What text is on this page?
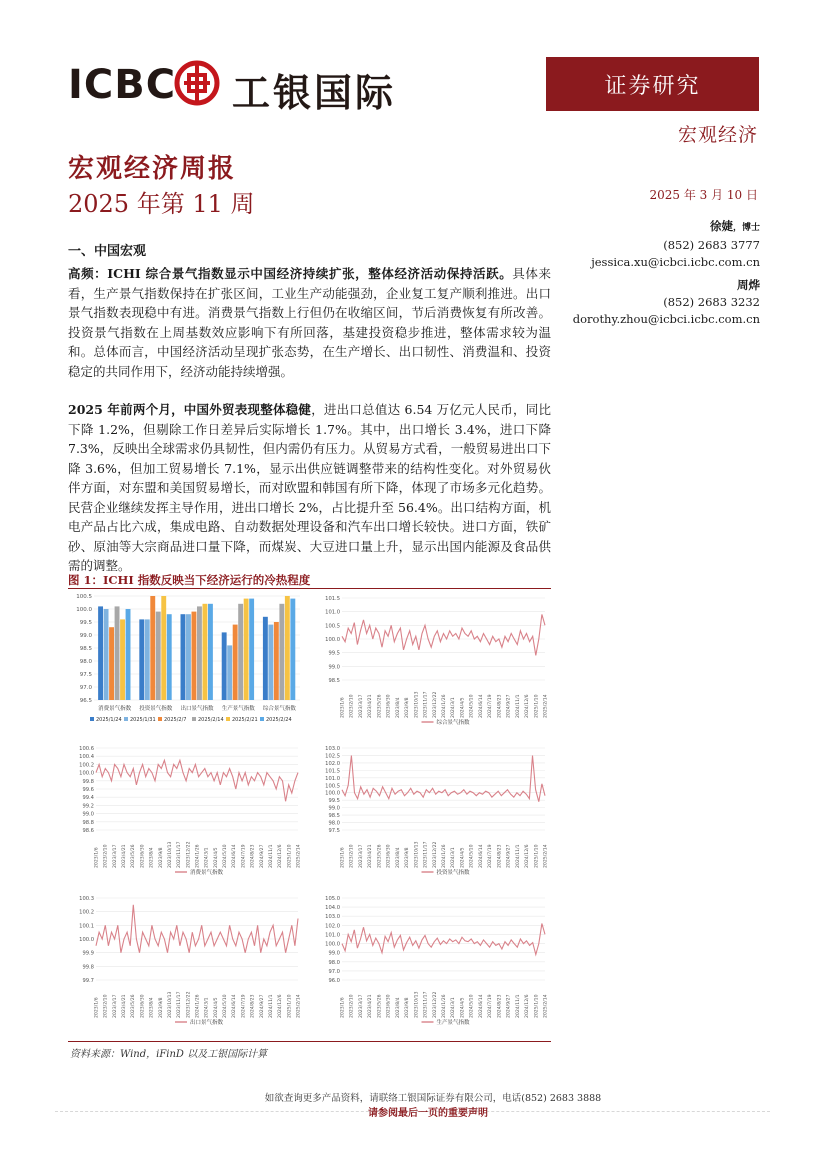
ICBC 工银国际	证券研究
宏观经济
宏观经济周报
2025 年第 11 周	2025 年 3 月 10 日
徐婕，博士
(852) 2683 3777
jessica.xu@icbci.icbc.com.cn
周烨
(852) 2683 3232
dorothy.zhou@icbci.icbc.com.cn
一、中国宏观
高频：ICHI 综合景气指数显示中国经济持续扩张，整体经济活动保持活跃。具体来看，生产景气指数保持在扩张区间，工业生产动能强劲，企业复工复产顺利推进。出口景气指数表现稳中有进。消费景气指数上行但仍在收缩区间，节后消费恢复有所改善。投资景气指数在上周基数效应影响下有所回落，基建投资稳步推进，整体需求较为温和。总体而言，中国经济活动呈现扩张态势，在生产增长、出口韧性、消费温和、投资稳定的共同作用下，经济动能持续增强。
2025 年前两个月，中国外贸表现整体稳健，进出口总值达 6.54 万亿元人民币，同比下降 1.2%，但剔除工作日差异后实际增长 1.7%。其中，出口增长 3.4%，进口下降 7.3%，反映出全球需求仍具韧性，但内需仍有压力。从贸易方式看，一般贸易进出口下降 3.6%，但加工贸易增长 7.1%，显示出供应链调整带来的结构性变化。对外贸易伙伴方面，对东盟和美国贸易增长，而对欧盟和韩国有所下降，体现了市场多元化趋势。民营企业继续发挥主导作用，进出口增长 2%，占比提升至 56.4%。出口结构方面，机电产品占比六成，集成电路、自动数据处理设备和汽车出口增长较快。进口方面，铁矿砂、原油等大宗商品进口量下降，而煤炭、大豆进口量上升，显示出国内能源及食品供需的调整。
图 1：ICHI 指数反映当下经济运行的冷热程度
100.5
100.0
99.5
99.0
98.5
98.0
97.5
97.0
96.5
消费景气指数 投资景气指数 出口景气指数 生产景气指数 综合景气指数
2025/1/24 2025/1/31 2025/2/7 2025/2/14 2025/2/21 2025/2/24
101.5
101.0
100.5
100.0
99.5
99.0
98.5
2023/1/6 2023/2/10 2023/3/17 2023/4/21 2023/5/26 2023/6/30 2023/8/4 2023/9/8 2023/10/13 2023/11/17 2023/12/22 2024/1/26 2024/3/1 2024/4/5 2024/5/10 2024/6/14 2024/7/19 2024/8/23 2024/9/27 2024/11/1 2024/12/6 2025/1/10 2025/2/14
综合景气指数
100.6
100.4
100.2
100.0
99.8
99.6
99.4
99.2
99.0
98.8
98.6
2023/1/6 2023/2/10 2023/3/17 2023/4/21 2023/5/26 2023/6/30 2023/8/4 2023/9/8 2023/10/13 2023/11/17 2023/12/22 2024/1/26 2024/3/1 2024/4/5 2024/5/10 2024/6/14 2024/7/19 2024/8/23 2024/9/27 2024/11/1 2024/12/6 2025/1/10 2025/2/14
消费景气指数
103.0
102.5
102.0
101.5
101.0
100.5
100.0
99.5
99.0
98.5
98.0
97.5
2023/1/6 2023/2/10 2023/3/17 2023/4/21 2023/5/26 2023/6/30 2023/8/4 2023/9/8 2023/10/13 2023/11/17 2023/12/22 2024/1/26 2024/3/1 2024/4/5 2024/5/10 2024/6/14 2024/7/19 2024/8/23 2024/9/27 2024/11/1 2024/12/6 2025/1/10 2025/2/14
投资景气指数
100.3
100.2
100.1
100.0
99.9
99.8
99.7
2023/1/6 2023/2/10 2023/3/17 2023/4/21 2023/5/26 2023/6/30 2023/8/4 2023/9/8 2023/10/13 2023/11/17 2023/12/22 2024/1/26 2024/3/1 2024/4/5 2024/5/10 2024/6/14 2024/7/19 2024/8/23 2024/9/27 2024/11/1 2024/12/6 2025/1/10 2025/2/14
出口景气指数
105.0
104.0
103.0
102.0
101.0
100.0
99.0
98.0
97.0
96.0
2023/1/6 2023/2/10 2023/3/17 2023/4/21 2023/5/26 2023/6/30 2023/8/4 2023/9/8 2023/10/13 2023/11/17 2023/12/22 2024/1/26 2024/3/1 2024/4/5 2024/5/10 2024/6/14 2024/7/19 2024/8/23 2024/9/27 2024/11/1 2024/12/6 2025/1/10 2025/2/14
生产景气指数
资料来源：Wind，iFinD 以及工银国际计算
如欲查询更多产品资料，请联络工银国际证券有限公司，电话(852) 2683 3888
请参阅最后一页的重要声明
